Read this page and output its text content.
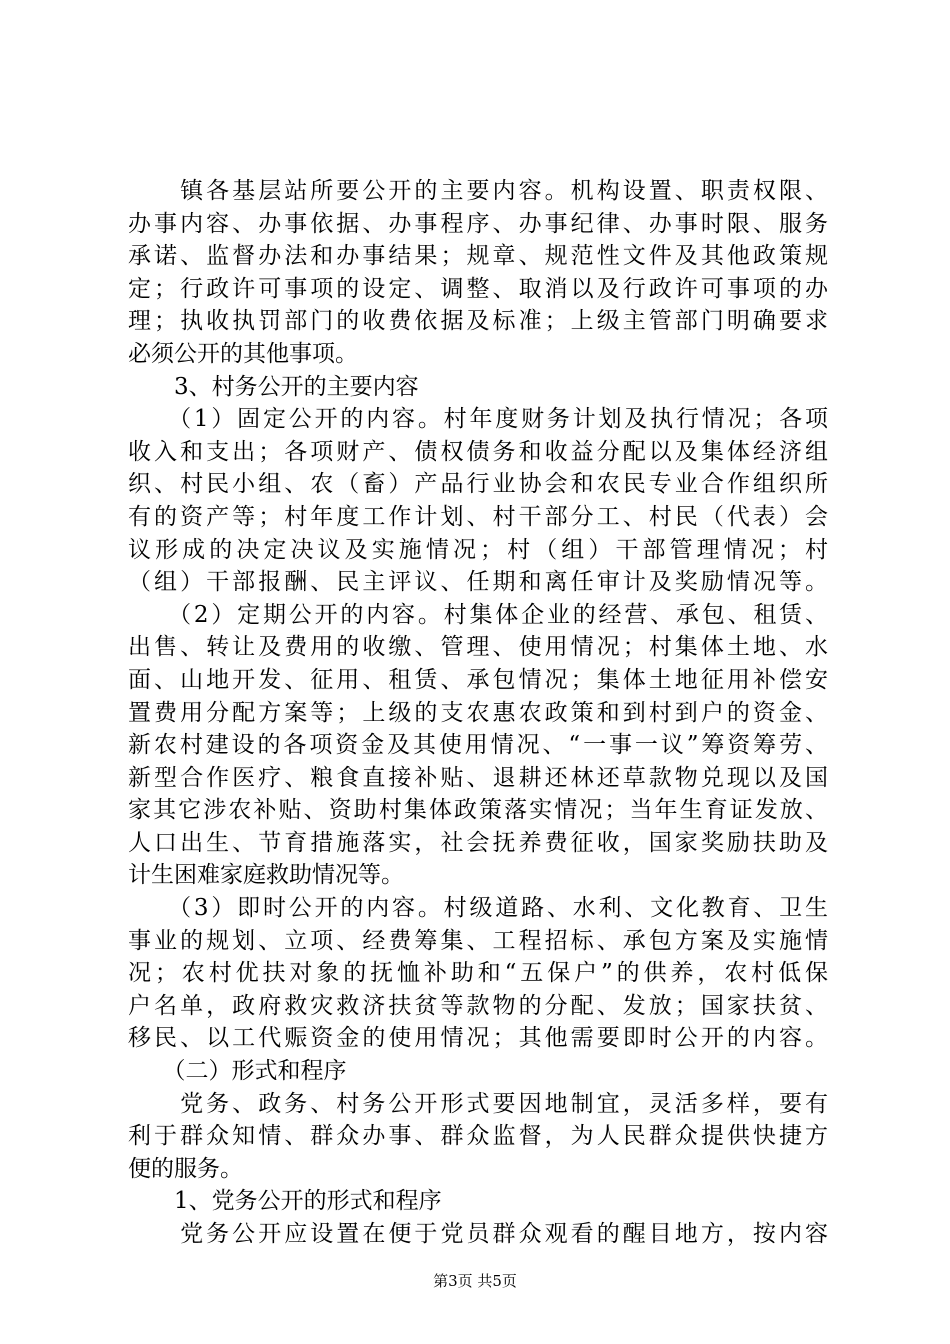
　　镇各基层站所要公开的主要内容。机构设置、职责权限、
办事内容、办事依据、办事程序、办事纪律、办事时限、服务
承诺、监督办法和办事结果；规章、规范性文件及其他政策规
定；行政许可事项的设定、调整、取消以及行政许可事项的办
理；执收执罚部门的收费依据及标准；上级主管部门明确要求
必须公开的其他事项。
　　3、村务公开的主要内容
　　（1）固定公开的内容。村年度财务计划及执行情况；各项
收入和支出；各项财产、债权债务和收益分配以及集体经济组
织、村民小组、农（畜）产品行业协会和农民专业合作组织所
有的资产等；村年度工作计划、村干部分工、村民（代表）会
议形成的决定决议及实施情况；村（组）干部管理情况；村
（组）干部报酬、民主评议、任期和离任审计及奖励情况等。
　　（2）定期公开的内容。村集体企业的经营、承包、租赁、
出售、转让及费用的收缴、管理、使用情况；村集体土地、水
面、山地开发、征用、租赁、承包情况；集体土地征用补偿安
置费用分配方案等；上级的支农惠农政策和到村到户的资金、
新农村建设的各项资金及其使用情况、“一事一议”筹资筹劳、
新型合作医疗、粮食直接补贴、退耕还林还草款物兑现以及国
家其它涉农补贴、资助村集体政策落实情况；当年生育证发放、
人口出生、节育措施落实，社会抚养费征收，国家奖励扶助及
计生困难家庭救助情况等。
　　（3）即时公开的内容。村级道路、水利、文化教育、卫生
事业的规划、立项、经费筹集、工程招标、承包方案及实施情
况；农村优扶对象的抚恤补助和“五保户”的供养，农村低保
户名单，政府救灾救济扶贫等款物的分配、发放；国家扶贫、
移民、以工代赈资金的使用情况；其他需要即时公开的内容。
　　（二）形式和程序
　　党务、政务、村务公开形式要因地制宜，灵活多样，要有
利于群众知情、群众办事、群众监督，为人民群众提供快捷方
便的服务。
　　1、党务公开的形式和程序
　　党务公开应设置在便于党员群众观看的醒目地方，按内容
第3页 共5页
